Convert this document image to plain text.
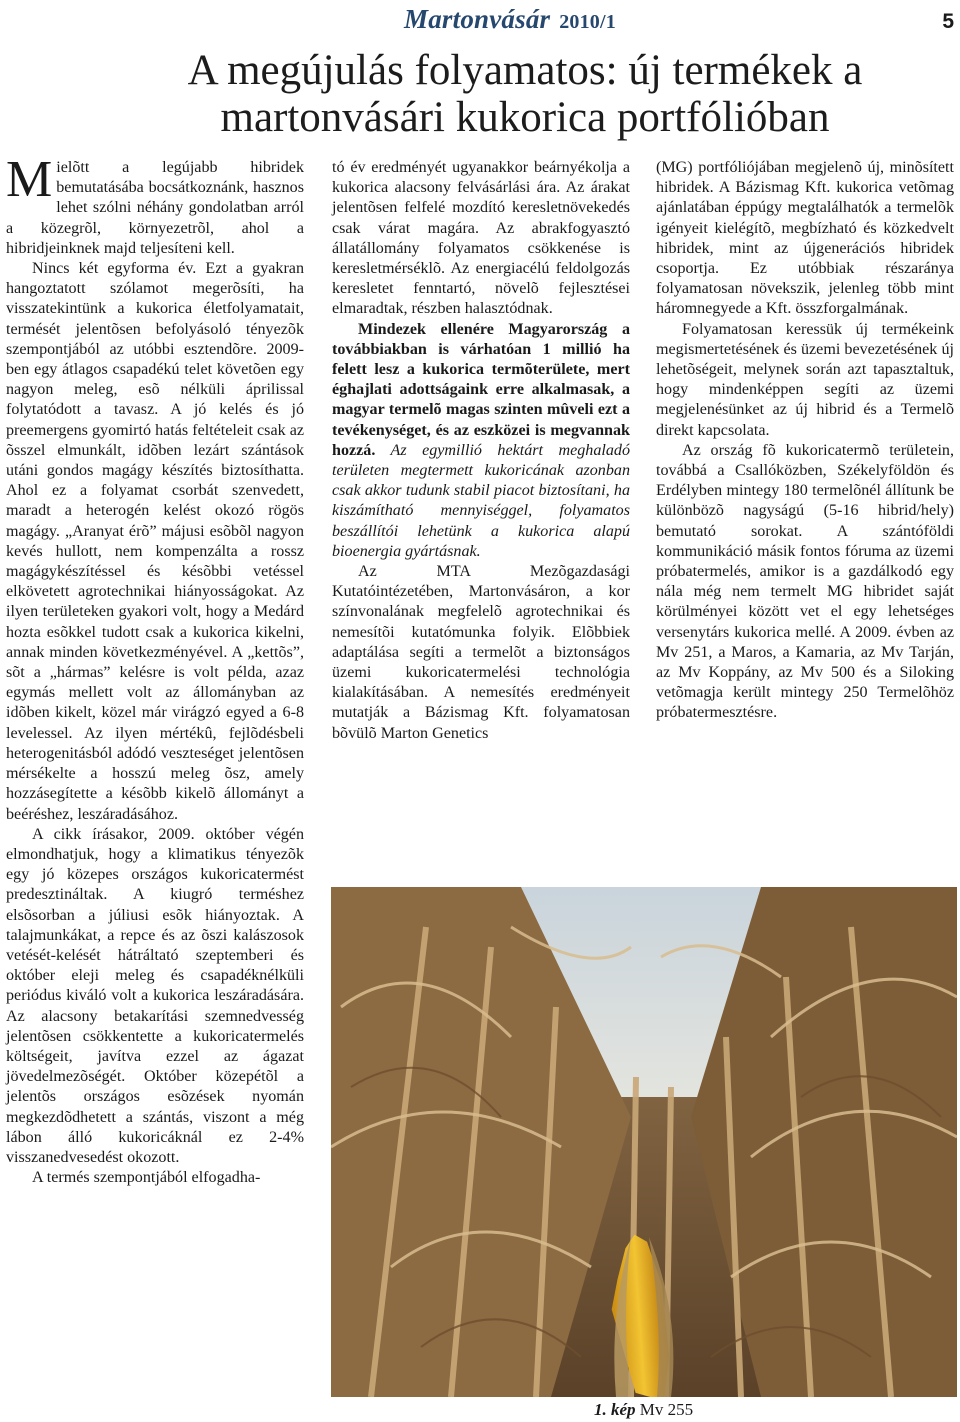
Martonvásár 2010/1	5
A megújulás folyamatos: új termékek a martonvásári kukorica portfólióban

Mielõtt a legújabb hibridek bemutatásába bocsátkoznánk, hasznos lehet szólni néhány gondolatban arról a közegrõl, környezetrõl, ahol a hibridjeinknek majd teljesíteni kell.

Nincs két egyforma év. Ezt a gyakran hangoztatott szólamot megerõsíti, ha visszatekintünk a kukorica életfolyamatait, termését jelentõsen befolyásoló tényezõk szempontjából az utóbbi esztendõre. 2009-ben egy átlagos csapadékú telet követõen egy nagyon meleg, esõ nélküli áprilissal folytatódott a tavasz. A jó kelés és jó preemergens gyomirtó hatás feltételeit csak az õsszel elmunkált, idõben lezárt szántások utáni gondos magágy készítés biztosíthatta. Ahol ez a folyamat csorbát szenvedett, maradt a heterogén kelést okozó rögös magágy. „Aranyat érõ” májusi esõbõl nagyon kevés hullott, nem kompenzálta a rossz magágykészítéssel és késõbbi vetéssel elkövetett agrotechnikai hiányosságokat. Az ilyen területeken gyakori volt, hogy a Medárd hozta esõkkel tudott csak a kukorica kikelni, annak minden következményével. A „kettõs”, sõt a „hármas” kelésre is volt példa, azaz egymás mellett volt az állományban az idõben kikelt, közel már virágzó egyed a 6-8 levelessel. Az ilyen mértékû, fejlõdésbeli heterogenitásból adódó veszteséget jelentõsen mérsékelte a hosszú meleg õsz, amely hozzásegítette a késõbb kikelõ állományt a beéréshez, leszáradásához.

A cikk írásakor, 2009. október végén elmondhatjuk, hogy a klimatikus tényezõk egy jó közepes országos kukoricatermést predesztináltak. A kiugró terméshez elsõsorban a júliusi esõk hiányoztak. A talajmunkákat, a repce és az õszi kalászosok vetését-kelését hátráltató szeptemberi és október eleji meleg és csapadéknélküli periódus kiváló volt a kukorica leszáradására. Az alacsony betakarítási szemnedvesség jelentõsen csökkentette a kukoricatermelés költségeit, javítva ezzel az ágazat jövedelmezõségét. Október közepétõl a jelentõs országos esõzések nyomán megkezdõdhetett a szántás, viszont a még lábon álló kukoricáknál ez 2-4% visszanedvesedést okozott.

A termés szempontjából elfogadha-

tó év eredményét ugyanakkor beárnyékolja a kukorica alacsony felvásárlási ára. Az árakat jelentõsen felfelé mozdító keresletnövekedés csak várat magára. Az abrakfogyasztó állatállomány folyamatos csökkenése is keresletmérséklõ. Az energiacélú feldolgozás keresletet fenntartó, növelõ fejlesztései elmaradtak, részben halasztódnak.

Mindezek ellenére Magyarország a továbbiakban is várhatóan 1 millió ha felett lesz a kukorica termõterülete, mert éghajlati adottságaink erre alkalmasak, a magyar termelõ magas szinten mûveli ezt a tevékenységet, és az eszközei is megvannak hozzá. Az egymillió hektárt meghaladó területen megtermett kukoricának azonban csak akkor tudunk stabil piacot biztosítani, ha kiszámítható mennyiséggel, folyamatos beszállítói lehetünk a kukorica alapú bioenergia gyártásnak.

Az MTA Mezõgazdasági Kutatóintézetében, Martonvásáron, a kor színvonalának megfelelõ agrotechnikai és nemesítõi kutatómunka folyik. Elõbbiek adaptálása segíti a termelõt a biztonságos üzemi kukoricatermelési technológia kialakításában. A nemesítés eredményeit mutatják a Bázismag Kft. folyamatosan bõvülõ Marton Genetics

(MG) portfóliójában megjelenõ új, minõsített hibridek. A Bázismag Kft. kukorica vetõmag ajánlatában éppúgy megtalálhatók a termelõk igényeit kielégítõ, megbízható és közkedvelt hibridek, mint az újgenerációs hibridek csoportja. Ez utóbbiak részaránya folyamatosan növekszik, jelenleg több mint háromnegyede a Kft. összforgalmának.

Folyamatosan keressük új termékeink megismertetésének és üzemi bevezetésének új lehetõségeit, melynek során azt tapasztaltuk, hogy mindenképpen segíti az üzemi megjelenésünket az új hibrid és a Termelõ direkt kapcsolata.

Az ország fõ kukoricatermõ területein, továbbá a Csallóközben, Székelyföldön és Erdélyben mintegy 180 termelõnél állítunk be különbözõ nagyságú (5-16 hibrid/hely) bemutató sorokat. A szántóföldi kommunikáció másik fontos fóruma az üzemi próbatermelés, amikor is a gazdálkodó egy nála még nem termelt MG hibridet saját körülményei között vet el egy lehetséges versenytárs kukorica mellé. A 2009. évben az Mv 251, a Maros, a Kamaria, az Mv Tarján, az Mv Koppány, az Mv 500 és a Siloking vetõmagja került mintegy 250 Termelõhöz próbatermesztésre.

1. kép Mv 255
